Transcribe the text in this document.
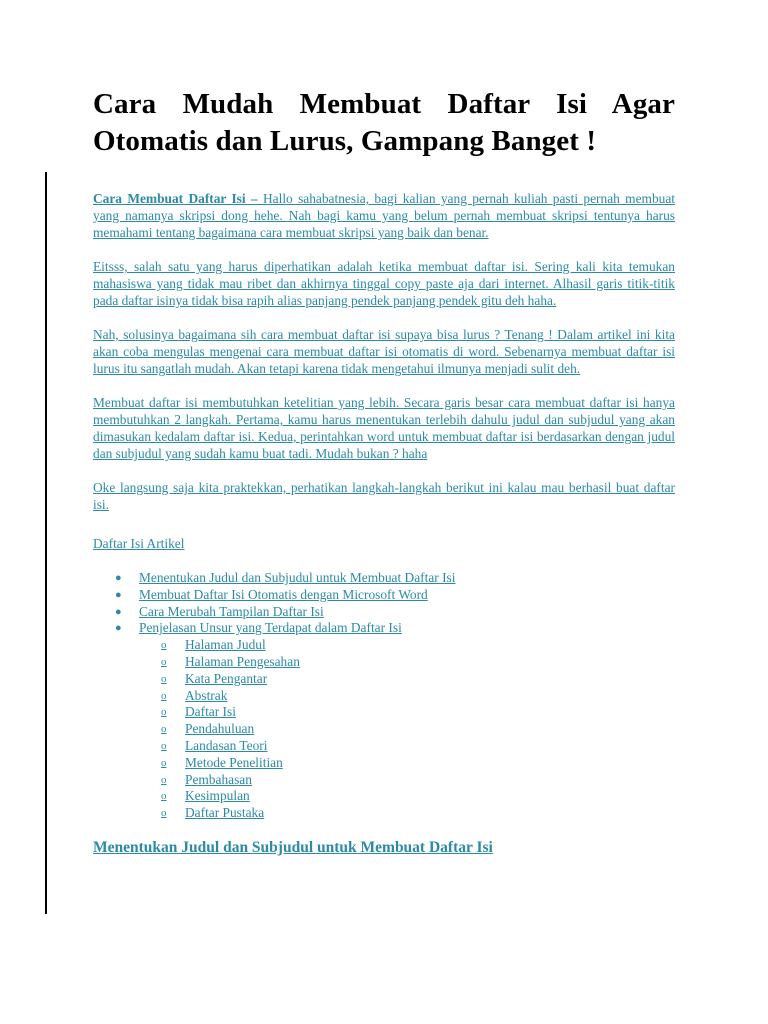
Cara Mudah Membuat Daftar Isi Agar
Otomatis dan Lurus, Gampang Banget !

Cara Membuat Daftar Isi – Hallo sahabatnesia, bagi kalian yang pernah kuliah pasti pernah membuat yang namanya skripsi dong hehe. Nah bagi kamu yang belum pernah membuat skripsi tentunya harus memahami tentang bagaimana cara membuat skripsi yang baik dan benar.

Eitsss, salah satu yang harus diperhatikan adalah ketika membuat daftar isi. Sering kali kita temukan mahasiswa yang tidak mau ribet dan akhirnya tinggal copy paste aja dari internet. Alhasil garis titik-titik pada daftar isinya tidak bisa rapih alias panjang pendek panjang pendek gitu deh haha.

Nah, solusinya bagaimana sih cara membuat daftar isi supaya bisa lurus ? Tenang ! Dalam artikel ini kita akan coba mengulas mengenai cara membuat daftar isi otomatis di word. Sebenarnya membuat daftar isi lurus itu sangatlah mudah. Akan tetapi karena tidak mengetahui ilmunya menjadi sulit deh.

Membuat daftar isi membutuhkan ketelitian yang lebih. Secara garis besar cara membuat daftar isi hanya membutuhkan 2 langkah. Pertama, kamu harus menentukan terlebih dahulu judul dan subjudul yang akan dimasukan kedalam daftar isi. Kedua, perintahkan word untuk membuat daftar isi berdasarkan dengan judul dan subjudul yang sudah kamu buat tadi. Mudah bukan ? haha

Oke langsung saja kita praktekkan, perhatikan langkah-langkah berikut ini kalau mau berhasil buat daftar isi.

Daftar Isi Artikel

● Menentukan Judul dan Subjudul untuk Membuat Daftar Isi
● Membuat Daftar Isi Otomatis dengan Microsoft Word
● Cara Merubah Tampilan Daftar Isi
● Penjelasan Unsur yang Terdapat dalam Daftar Isi
o Halaman Judul
o Halaman Pengesahan
o Kata Pengantar
o Abstrak
o Daftar Isi
o Pendahuluan
o Landasan Teori
o Metode Penelitian
o Pembahasan
o Kesimpulan
o Daftar Pustaka
Menentukan Judul dan Subjudul untuk Membuat Daftar Isi
